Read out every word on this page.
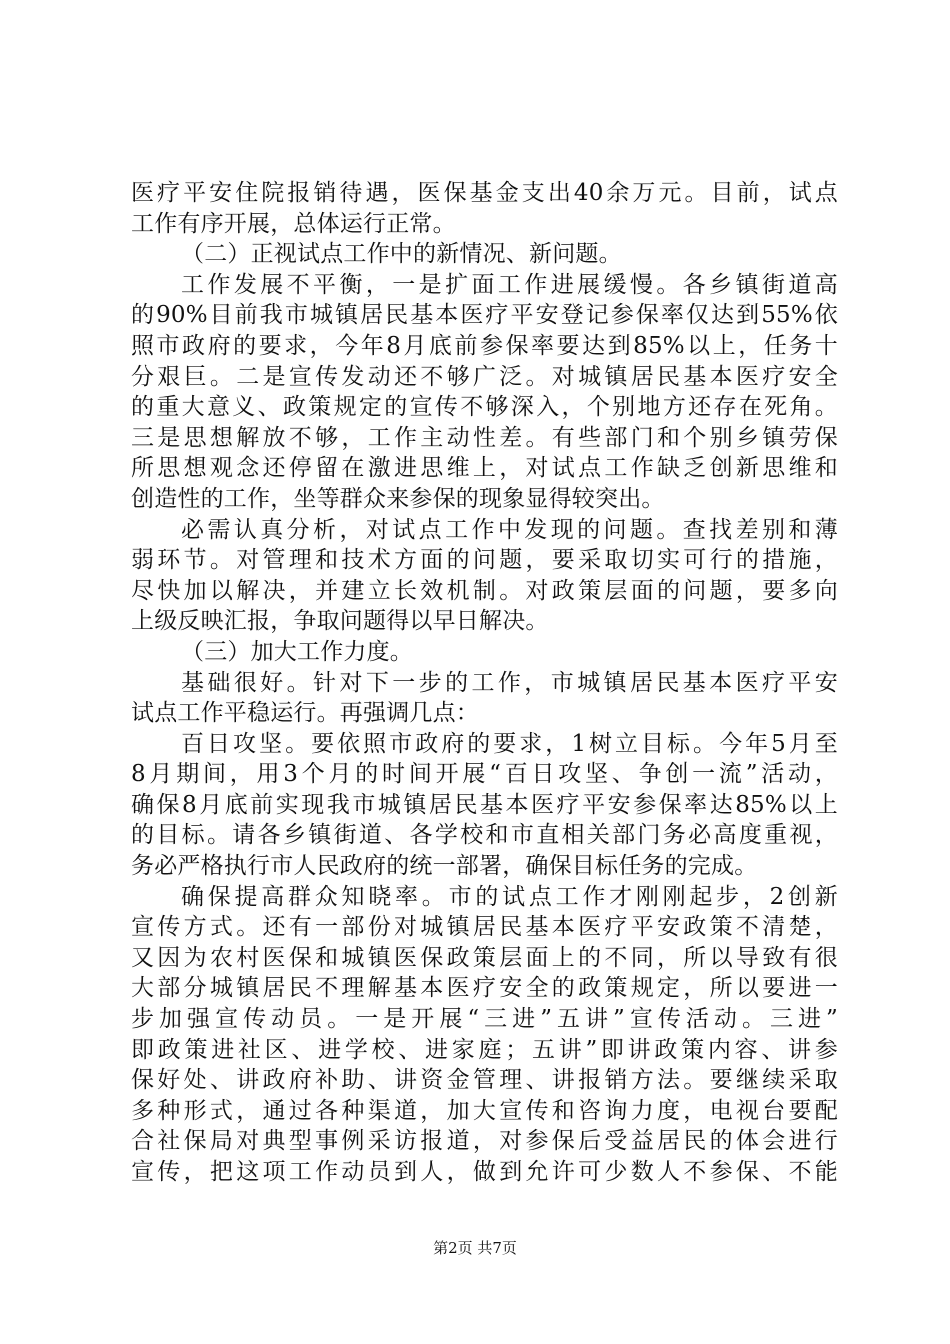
医疗平安住院报销待遇，医保基金支出40余万元。目前，试点
工作有序开展，总体运行正常。
（二）正视试点工作中的新情况、新问题。
工作发展不平衡，一是扩面工作进展缓慢。各乡镇街道高
的90%目前我市城镇居民基本医疗平安登记参保率仅达到55%依
照市政府的要求，今年8月底前参保率要达到85%以上，任务十
分艰巨。二是宣传发动还不够广泛。对城镇居民基本医疗安全
的重大意义、政策规定的宣传不够深入，个别地方还存在死角。
三是思想解放不够，工作主动性差。有些部门和个别乡镇劳保
所思想观念还停留在激进思维上，对试点工作缺乏创新思维和
创造性的工作，坐等群众来参保的现象显得较突出。
必需认真分析，对试点工作中发现的问题。查找差别和薄
弱环节。对管理和技术方面的问题，要采取切实可行的措施，
尽快加以解决，并建立长效机制。对政策层面的问题，要多向
上级反映汇报，争取问题得以早日解决。
（三）加大工作力度。
基础很好。针对下一步的工作，市城镇居民基本医疗平安
试点工作平稳运行。再强调几点：
百日攻坚。要依照市政府的要求，1树立目标。今年5月至
8月期间，用3个月的时间开展“百日攻坚、争创一流”活动，
确保8月底前实现我市城镇居民基本医疗平安参保率达85%以上
的目标。请各乡镇街道、各学校和市直相关部门务必高度重视，
务必严格执行市人民政府的统一部署，确保目标任务的完成。
确保提高群众知晓率。市的试点工作才刚刚起步，2创新
宣传方式。还有一部份对城镇居民基本医疗平安政策不清楚，
又因为农村医保和城镇医保政策层面上的不同，所以导致有很
大部分城镇居民不理解基本医疗安全的政策规定，所以要进一
步加强宣传动员。一是开展“三进”五讲”宣传活动。三进”
即政策进社区、进学校、进家庭；五讲”即讲政策内容、讲参
保好处、讲政府补助、讲资金管理、讲报销方法。要继续采取
多种形式，通过各种渠道，加大宣传和咨询力度，电视台要配
合社保局对典型事例采访报道，对参保后受益居民的体会进行
宣传，把这项工作动员到人，做到允许可少数人不参保、不能
第2页 共7页
